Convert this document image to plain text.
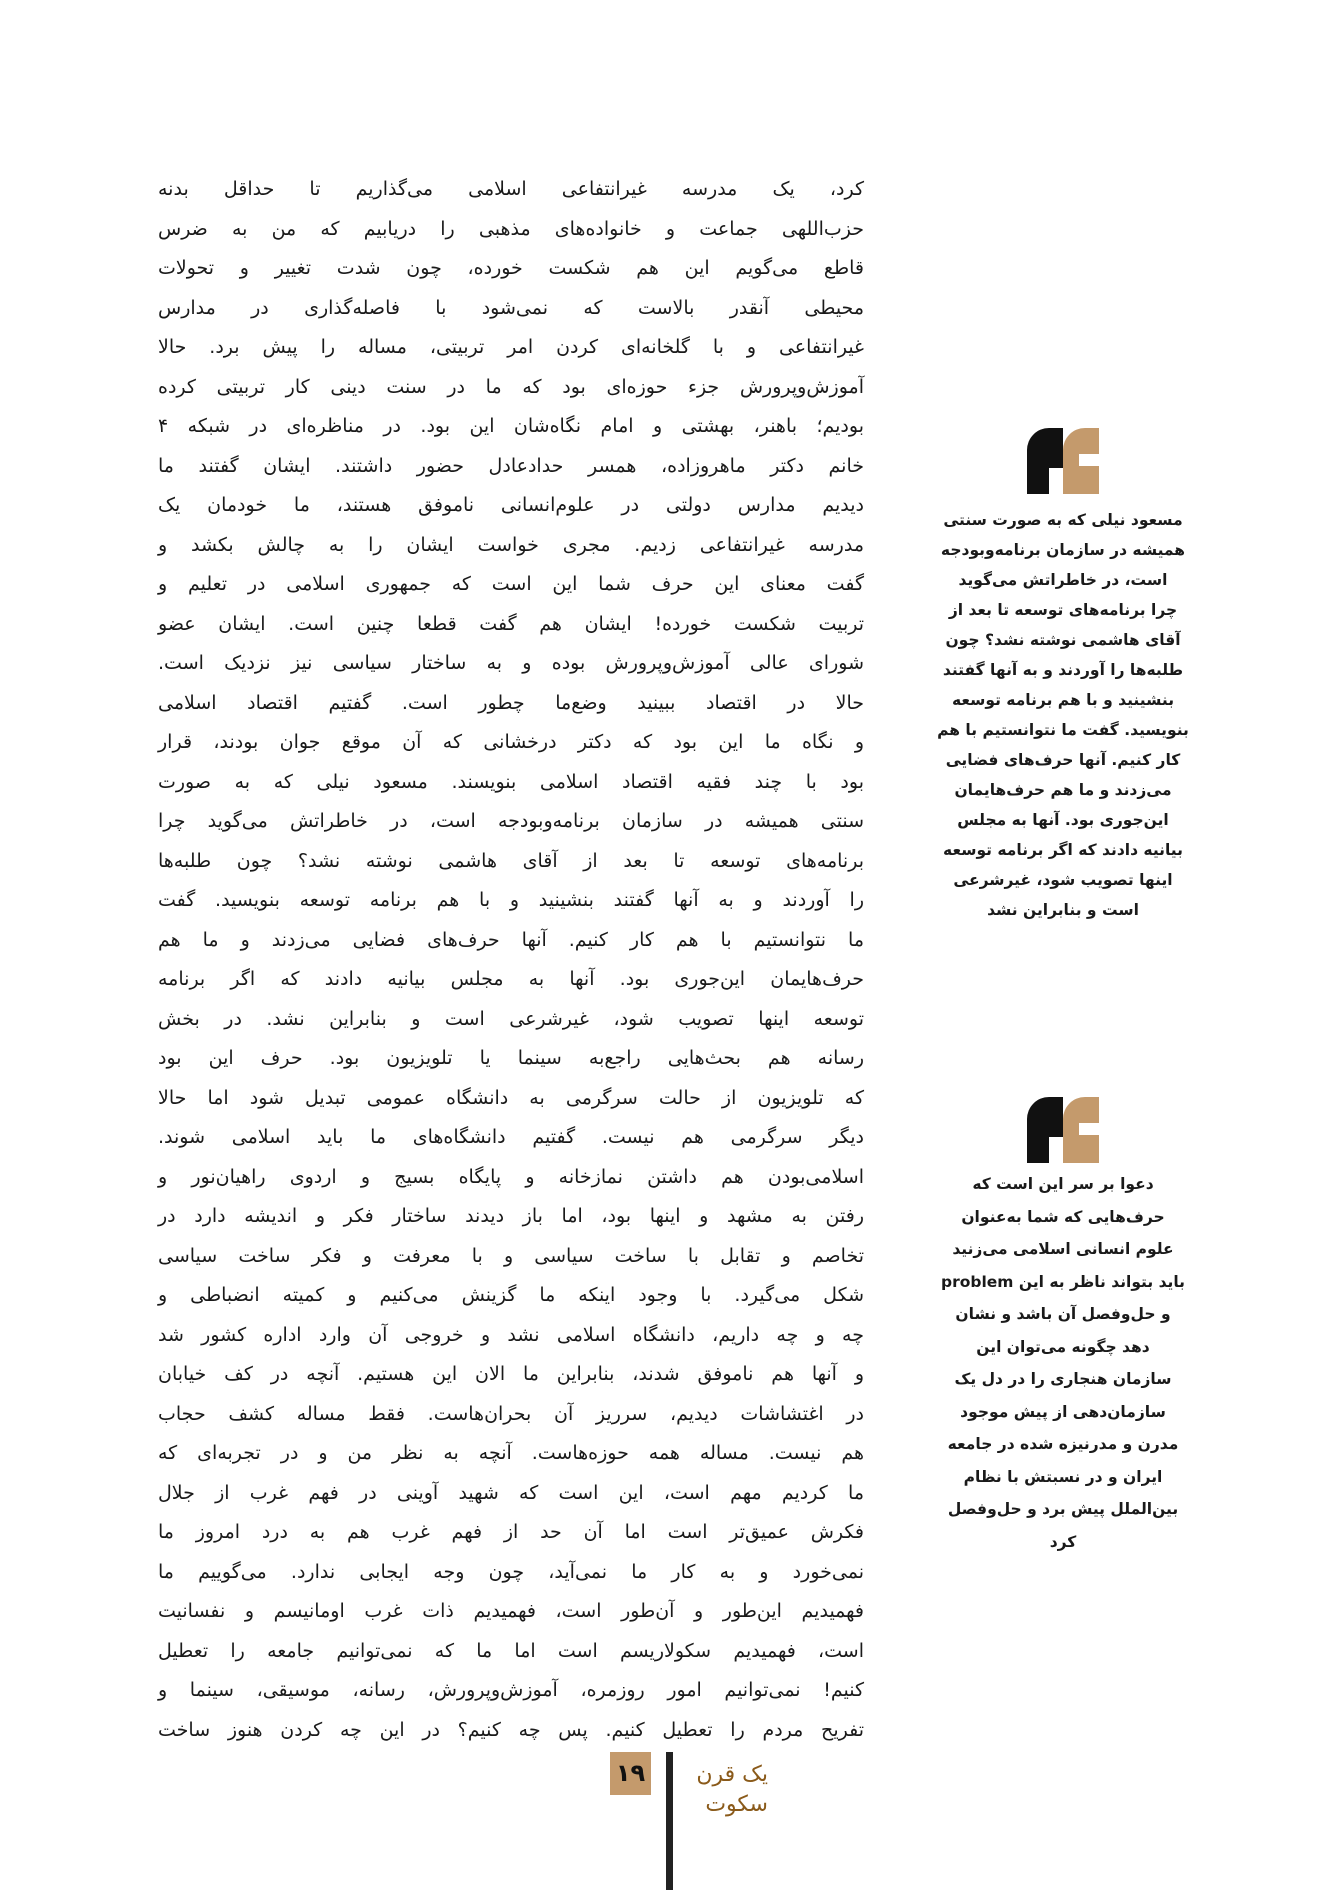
کرد، یک مدرسه غیرانتفاعی اسلامی می‌گذاریم تا حداقل بدنه
حزب‌اللهی جماعت و خانواده‌های مذهبی را دریابیم که من به ضرس
قاطع می‌گویم این هم شکست خورده، چون شدت تغییر و تحولات
محیطی آنقدر بالاست که نمی‌شود با فاصله‌گذاری در مدارس
غیرانتفاعی و با گلخانه‌ای کردن امر تربیتی، مساله را پیش برد. حالا
آموزش‌وپرورش جزء حوزه‌ای بود که ما در سنت دینی کار تربیتی کرده
بودیم؛ باهنر، بهشتی و امام نگاه‌شان این بود. در مناظره‌ای در شبکه ۴
خانم دکتر ماهروزاده، همسر حدادعادل حضور داشتند. ایشان گفتند ما
دیدیم مدارس دولتی در علوم‌انسانی ناموفق هستند، ما خودمان یک
مدرسه غیرانتفاعی زدیم. مجری خواست ایشان را به چالش بکشد و
گفت معنای این حرف شما این است که جمهوری اسلامی در تعلیم و
تربیت شکست خورده! ایشان هم گفت قطعا چنین است. ایشان عضو
شورای عالی آموزش‌وپرورش بوده و به ساختار سیاسی نیز نزدیک است.
حالا در اقتصاد ببینید وضع‌ما چطور است. گفتیم اقتصاد اسلامی
و نگاه ما این بود که دکتر درخشانی که آن موقع جوان بودند، قرار
بود با چند فقیه اقتصاد اسلامی بنویسند. مسعود نیلی که به صورت
سنتی همیشه در سازمان برنامه‌وبودجه است، در خاطراتش می‌گوید چرا
برنامه‌های توسعه تا بعد از آقای هاشمی نوشته نشد؟ چون طلبه‌ها
را آوردند و به آنها گفتند بنشینید و با هم برنامه توسعه بنویسید. گفت
ما نتوانستیم با هم کار کنیم. آنها حرف‌های فضایی می‌زدند و ما هم
حرف‌هایمان این‌جوری بود. آنها به مجلس بیانیه دادند که اگر برنامه
توسعه اینها تصویب شود، غیرشرعی است و بنابراین نشد. در بخش
رسانه هم بحث‌هایی راجع‌به سینما یا تلویزیون بود. حرف این بود
که تلویزیون از حالت سرگرمی به دانشگاه عمومی تبدیل شود اما حالا
دیگر سرگرمی هم نیست. گفتیم دانشگاه‌های ما باید اسلامی شوند.
اسلامی‌بودن هم داشتن نمازخانه و پایگاه بسیج و اردوی راهیان‌نور و
رفتن به مشهد و اینها بود، اما باز دیدند ساختار فکر و اندیشه دارد در
تخاصم و تقابل با ساخت سیاسی و با معرفت و فکر ساخت سیاسی
شکل می‌گیرد. با وجود اینکه ما گزینش می‌کنیم و کمیته انضباطی و
چه و چه داریم، دانشگاه اسلامی نشد و خروجی آن وارد اداره کشور شد
و آنها هم ناموفق شدند، بنابراین ما الان این هستیم. آنچه در کف خیابان
در اغتشاشات دیدیم، سرریز آن بحران‌هاست. فقط مساله کشف حجاب
هم نیست. مساله همه حوزه‌هاست. آنچه به نظر من و در تجربه‌ای که
ما کردیم مهم است، این است که شهید آوینی در فهم غرب از جلال
فکرش عمیق‌تر است اما آن حد از فهم غرب هم به درد امروز ما
نمی‌خورد و به کار ما نمی‌آید، چون وجه ایجابی ندارد. می‌گوییم ما
فهمیدیم این‌طور و آن‌طور است، فهمیدیم ذات غرب اومانیسم و نفسانیت
است، فهمیدیم سکولاریسم است اما ما که نمی‌توانیم جامعه را تعطیل
کنیم! نمی‌توانیم امور روزمره، آموزش‌وپرورش، رسانه، موسیقی، سینما و
تفریح مردم را تعطیل کنیم. پس چه کنیم؟ در این چه کردن هنوز ساخت
مسعود نیلی که به صورت سنتی
همیشه در سازمان برنامه‌وبودجه
است، در خاطراتش می‌گوید
چرا برنامه‌های توسعه تا بعد از
آقای هاشمی نوشته نشد؟ چون
طلبه‌ها را آوردند و به آنها گفتند
بنشینید و با هم برنامه توسعه
بنویسید. گفت ما نتوانستیم با هم
کار کنیم. آنها حرف‌های فضایی
می‌زدند و ما هم حرف‌هایمان
این‌جوری بود. آنها به مجلس
بیانیه دادند که اگر برنامه توسعه
اینها تصویب شود، غیرشرعی
است و بنابراین نشد
دعوا بر سر این است که
حرف‌هایی که شما به‌عنوان
علوم انسانی اسلامی می‌زنید
باید بتواند ناظر به این problem
و حل‌وفصل آن باشد و نشان
دهد چگونه می‌توان این
سازمان هنجاری را در دل یک
سازمان‌دهی از پیش موجود
مدرن و مدرنیزه شده در جامعه
ایران و در نسبتش با نظام
بین‌الملل پیش برد و حل‌وفصل
کرد
۱۹	یک قرن
سکوت
